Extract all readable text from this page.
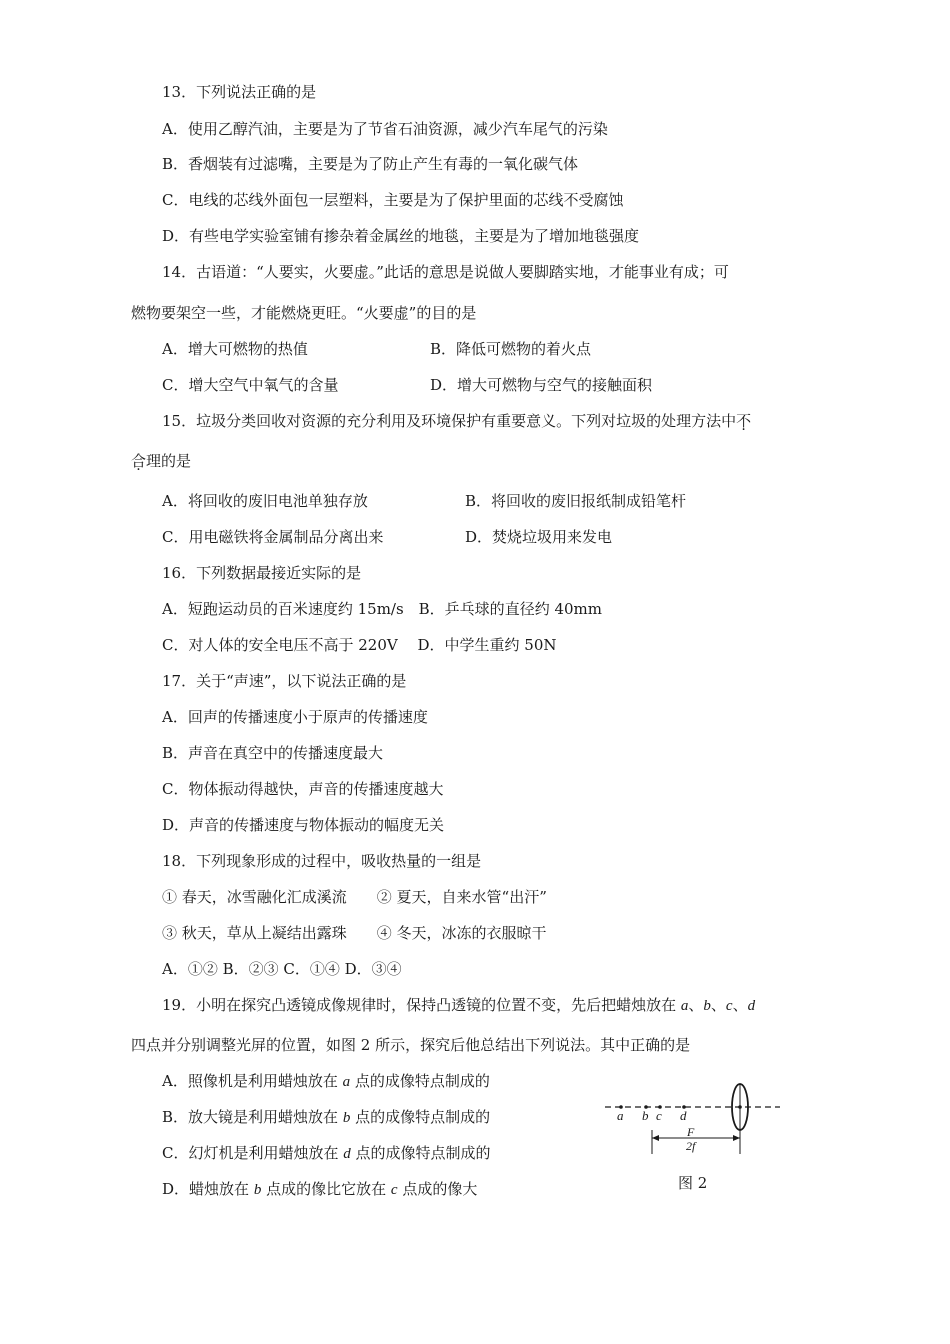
13．下列说法正确的是
A．使用乙醇汽油，主要是为了节省石油资源，减少汽车尾气的污染
B．香烟装有过滤嘴，主要是为了防止产生有毒的一氧化碳气体
C．电线的芯线外面包一层塑料，主要是为了保护里面的芯线不受腐蚀
D．有些电学实验室铺有掺杂着金属丝的地毯，主要是为了增加地毯强度
14．古语道：“人要实，火要虚。”此话的意思是说做人要脚踏实地，才能事业有成；可
燃物要架空一些，才能燃烧更旺。“火要虚”的目的是
A．增大可燃物的热值	B．降低可燃物的着火点
C．增大空气中氧气的含量	D．增大可燃物与空气的接触面积
15．垃圾分类回收对资源的充分利用及环境保护有重要意义。下列对垃圾的处理方法中不
合理的是
A．将回收的废旧电池单独存放	B．将回收的废旧报纸制成铅笔杆
C．用电磁铁将金属制品分离出来	D．焚烧垃圾用来发电
16．下列数据最接近实际的是
A．短跑运动员的百米速度约 15m/s　B．乒乓球的直径约 40mm
C．对人体的安全电压不高于 220V　 D．中学生重约 50N
17．关于“声速”，以下说法正确的是
A．回声的传播速度小于原声的传播速度
B．声音在真空中的传播速度最大
C．物体振动得越快，声音的传播速度越大
D．声音的传播速度与物体振动的幅度无关
18．下列现象形成的过程中，吸收热量的一组是
① 春天，冰雪融化汇成溪流　　② 夏天，自来水管“出汗”
③ 秋天，草从上凝结出露珠　　④ 冬天，冰冻的衣服晾干
A．①② B．②③ C．①④ D．③④
19．小明在探究凸透镜成像规律时，保持凸透镜的位置不变，先后把蜡烛放在 a、b、c、d
四点并分别调整光屏的位置，如图 2 所示，探究后他总结出下列说法。其中正确的是
A．照像机是利用蜡烛放在 a 点的成像特点制成的
B．放大镜是利用蜡烛放在 b 点的成像特点制成的
C．幻灯机是利用蜡烛放在 d 点的成像特点制成的
D．蜡烛放在 b 点成的像比它放在 c 点成的像大
a b c d
F
2f
图 2
